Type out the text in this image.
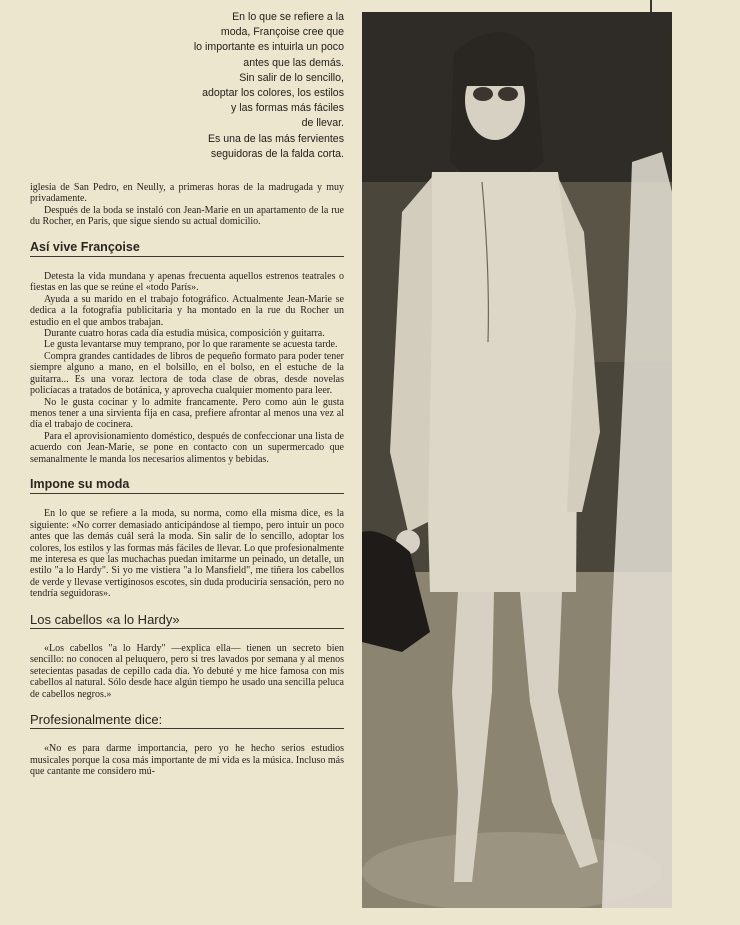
En lo que se refiere a la
moda, Françoise cree que
lo importante es intuirla un poco
antes que las demás.
Sin salir de lo sencillo,
adoptar los colores, los estilos
y las formas más fáciles
de llevar.
Es una de las más fervientes
seguidoras de la falda corta.

iglesia de San Pedro, en Neully, a primeras horas de la madrugada y muy privadamente.

Después de la boda se instaló con Jean-Marie en un apartamento de la rue du Rocher, en Paris, que sigue siendo su actual domicilio.

Así vive Françoise

Detesta la vida mundana y apenas frecuenta aquellos estrenos teatrales o fiestas en las que se reúne el «todo París».

Ayuda a su marido en el trabajo fotográfico. Actualmente Jean-Marie se dedica a la fotografía publicitaria y ha montado en la rue du Rocher un estudio en el que ambos trabajan.

Durante cuatro horas cada día estudia música, composición y guitarra.

Le gusta levantarse muy temprano, por lo que raramente se acuesta tarde.

Compra grandes cantidades de libros de pequeño formato para poder tener siempre alguno a mano, en el bolsillo, en el bolso, en el estuche de la guitarra... Es una voraz lectora de toda clase de obras, desde novelas policíacas a tratados de botánica, y aprovecha cualquier momento para leer.

No le gusta cocinar y lo admite francamente. Pero como aún le gusta menos tener a una sirvienta fija en casa, prefiere afrontar al menos una vez al día el trabajo de cocinera.

Para el aprovisionamiento doméstico, después de confeccionar una lista de acuerdo con Jean-Marie, se pone en contacto con un supermercado que semanalmente le manda los necesarios alimentos y bebidas.

Impone su moda

En lo que se refiere a la moda, su norma, como ella misma dice, es la siguiente: «No correr demasiado anticipándose al tiempo, pero intuir un poco antes que las demás cuál será la moda. Sin salir de lo sencillo, adoptar los colores, los estilos y las formas más fáciles de llevar. Lo que profesionalmente me interesa es que las muchachas puedan imitarme un peinado, un detalle, un estilo "a lo Hardy". Si yo me vistiera "a lo Mansfield", me tiñera los cabellos de verde y llevase vertiginosos escotes, sin duda produciría sensación, pero no tendría seguidoras».

Los cabellos «a lo Hardy»

«Los cabellos "a lo Hardy" —explica ella— tienen un secreto bien sencillo: no conocen al peluquero, pero si tres lavados por semana y al menos setecientas pasadas de cepillo cada día. Yo debuté y me hice famosa con mis cabellos al natural. Sólo desde hace algún tiempo he usado una sencilla peluca de cabellos negros.»

Profesionalmente dice:

«No es para darme importancia, pero yo he hecho serios estudios musicales porque la cosa más importante de mi vida es la música. Incluso más que cantante me considero mú-
